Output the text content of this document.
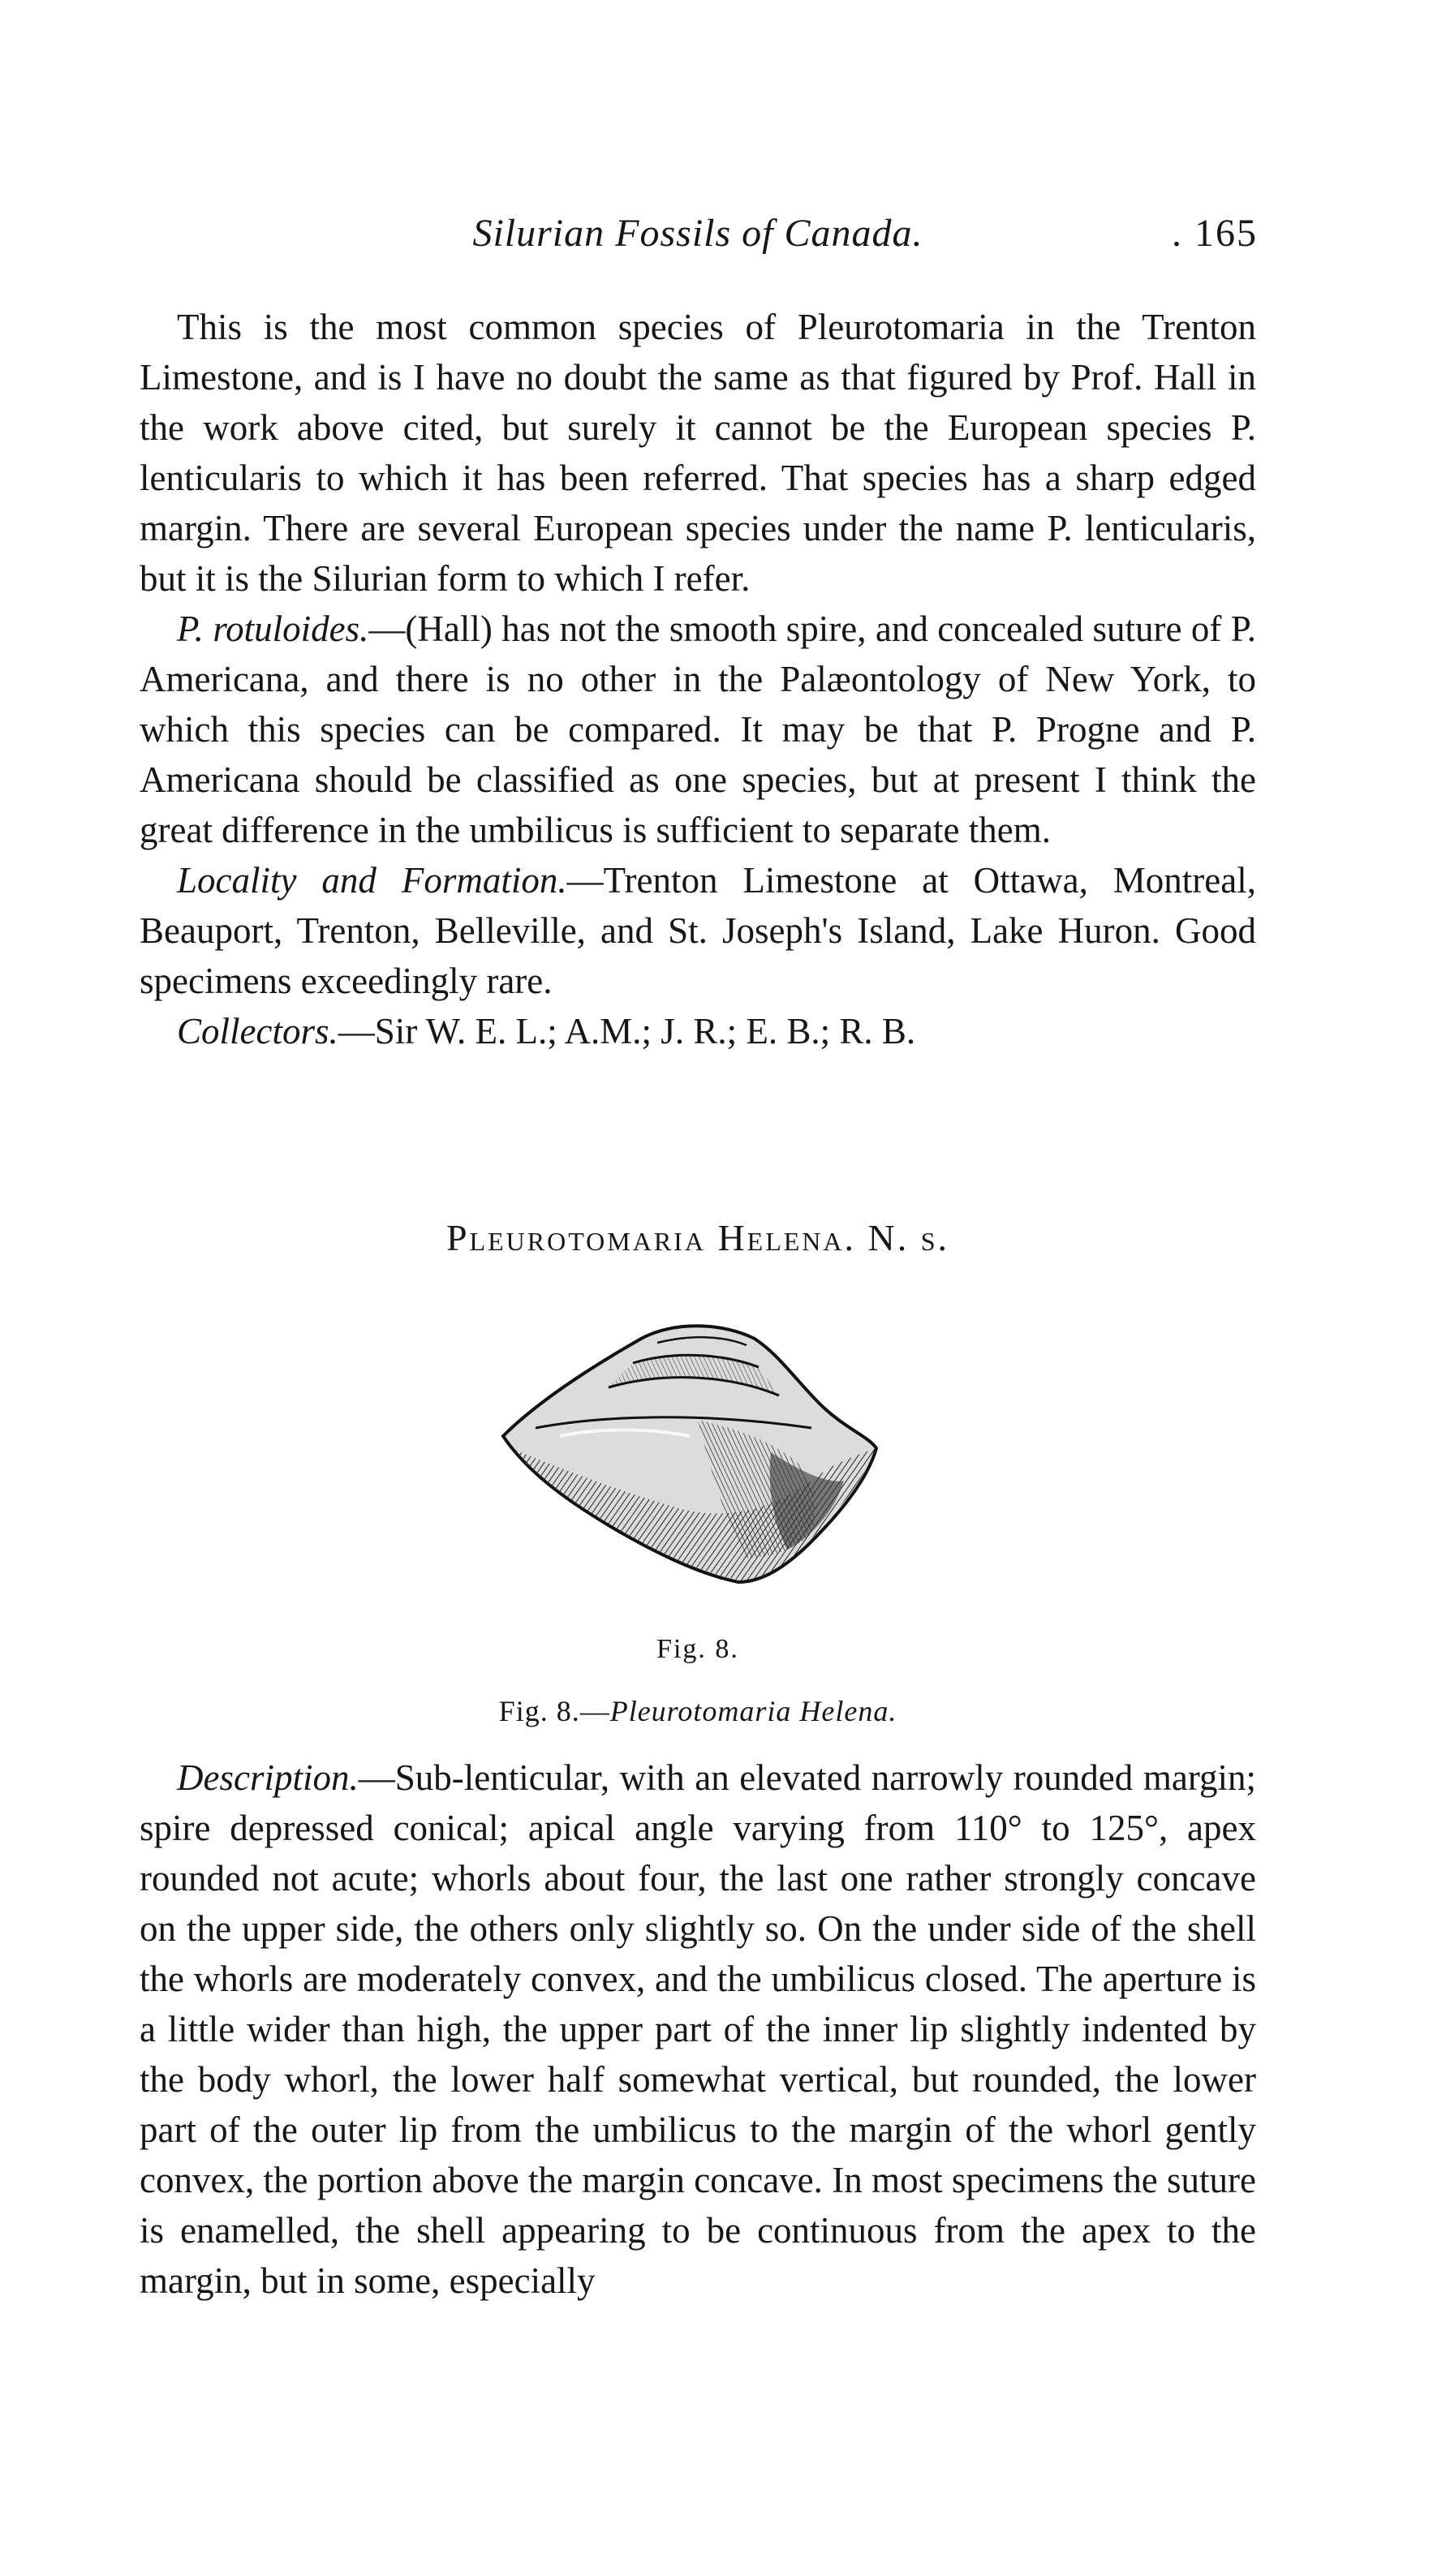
Silurian Fossils of Canada.	. 165

This is the most common species of Pleurotomaria in the Trenton Limestone, and is I have no doubt the same as that figured by Prof. Hall in the work above cited, but surely it cannot be the European species P. lenticularis to which it has been referred. That species has a sharp edged margin. There are several European species under the name P. lenticularis, but it is the Silurian form to which I refer.

P. rotuloides.—(Hall) has not the smooth spire, and concealed suture of P. Americana, and there is no other in the Palæontology of New York, to which this species can be compared. It may be that P. Progne and P. Americana should be classified as one species, but at present I think the great difference in the umbilicus is sufficient to separate them.

Locality and Formation.—Trenton Limestone at Ottawa, Montreal, Beauport, Trenton, Belleville, and St. Joseph's Island, Lake Huron. Good specimens exceedingly rare.

Collectors.—Sir W. E. L.; A.M.; J. R.; E. B.; R. B.

Pleurotomaria Helena. N. s.
Fig. 8.
Fig. 8.—Pleurotomaria Helena.

Description.—Sub-lenticular, with an elevated narrowly rounded margin; spire depressed conical; apical angle varying from 110° to 125°, apex rounded not acute; whorls about four, the last one rather strongly concave on the upper side, the others only slightly so. On the under side of the shell the whorls are moderately convex, and the umbilicus closed. The aperture is a little wider than high, the upper part of the inner lip slightly indented by the body whorl, the lower half somewhat vertical, but rounded, the lower part of the outer lip from the umbilicus to the margin of the whorl gently convex, the portion above the margin concave. In most specimens the suture is enamelled, the shell appearing to be continuous from the apex to the margin, but in some, especially
